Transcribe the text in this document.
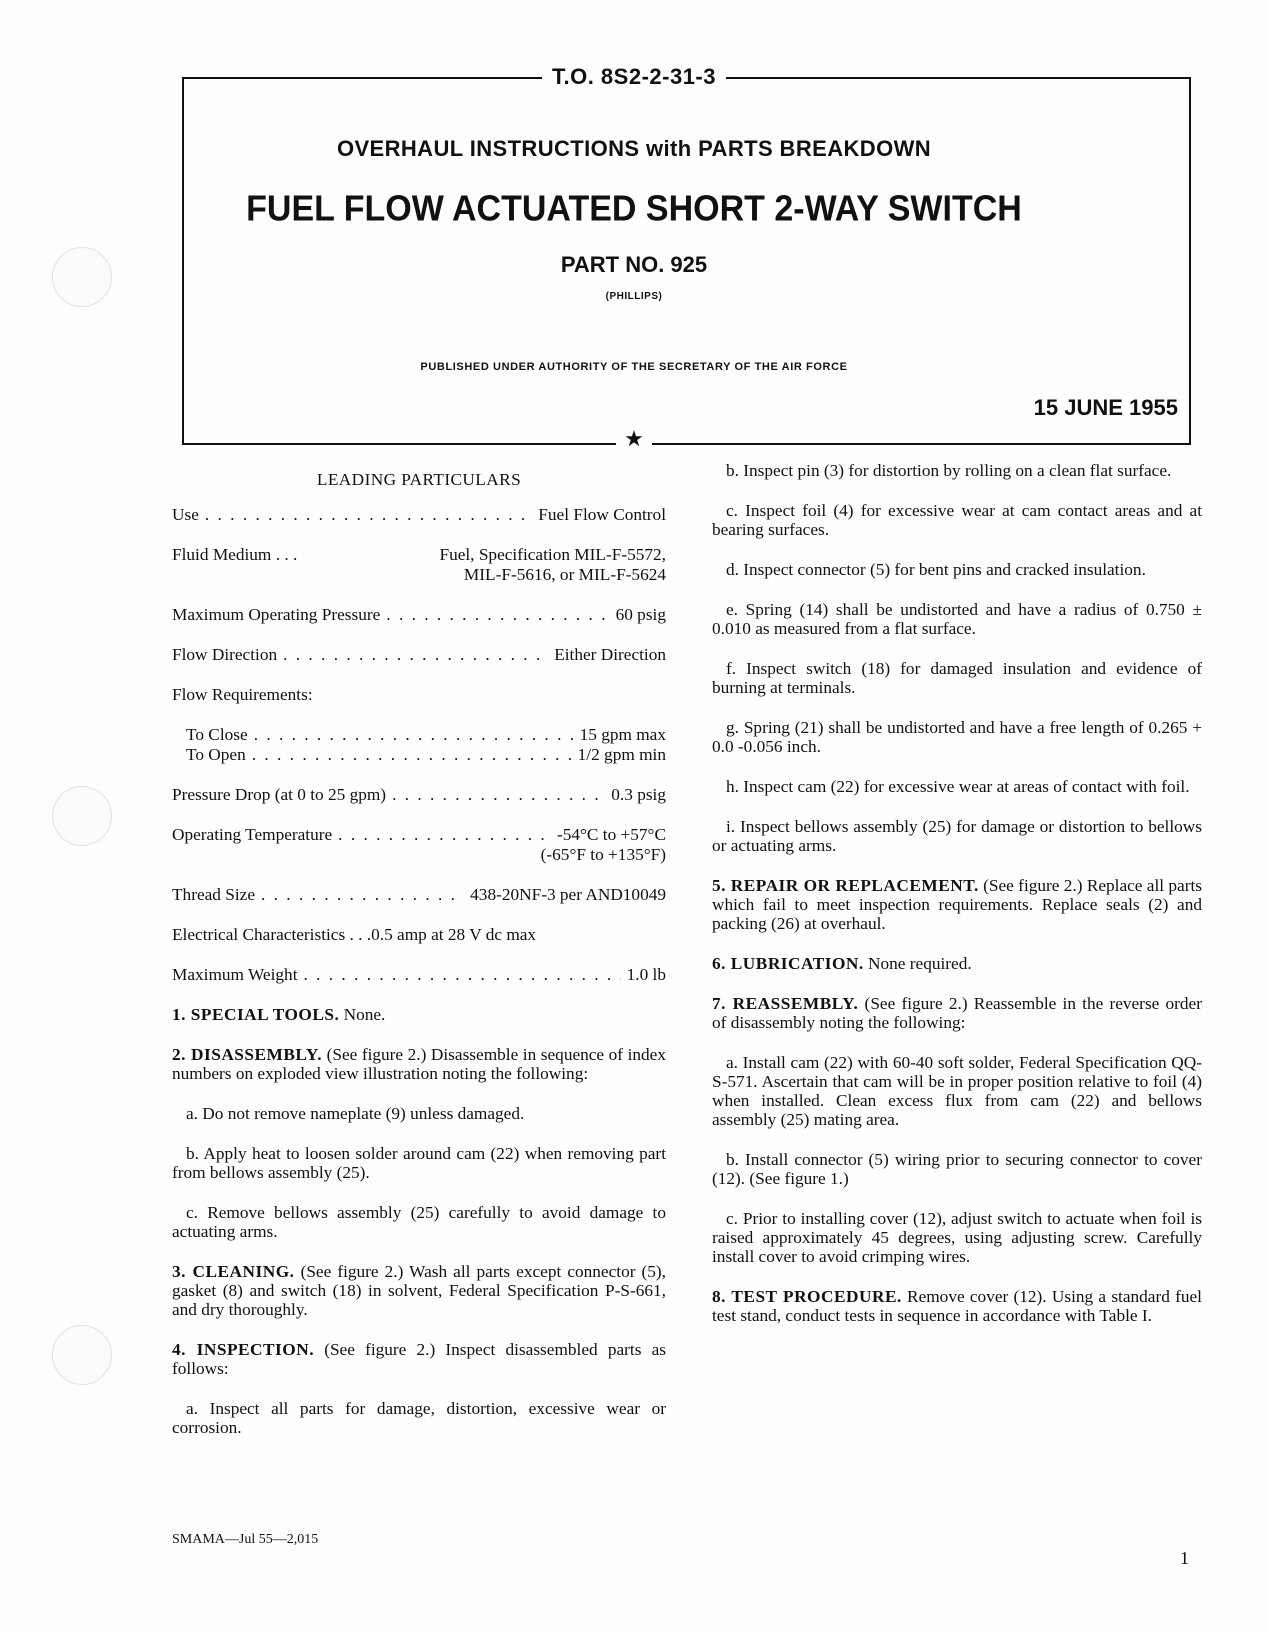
T.O. 8S2-2-31-3
OVERHAUL INSTRUCTIONS with PARTS BREAKDOWN
FUEL FLOW ACTUATED SHORT 2-WAY SWITCH
PART NO. 925
(PHILLIPS)
PUBLISHED UNDER AUTHORITY OF THE SECRETARY OF THE AIR FORCE
15 JUNE 1955
★
LEADING PARTICULARS
Use . . .	Fuel Flow Control
Fluid Medium . . .	Fuel, Specification MIL-F-5572,
MIL-F-5616, or MIL-F-5624
Maximum Operating Pressure . . .	60 psig
Flow Direction . . .	Either Direction
Flow Requirements:
To Close . . .	15 gpm max
To Open . . .	1/2 gpm min
Pressure Drop (at 0 to 25 gpm) . . .	0.3 psig
Operating Temperature . . .	-54°C to +57°C
(-65°F to +135°F)
Thread Size . . .	438-20NF-3 per AND10049
Electrical Characteristics . . . 0.5 amp at 28 V dc max
Maximum Weight . . .	1.0 lb

1. SPECIAL TOOLS. None.

2. DISASSEMBLY. (See figure 2.) Disassemble in sequence of index numbers on exploded view illustration noting the following:

a. Do not remove nameplate (9) unless damaged.

b. Apply heat to loosen solder around cam (22) when removing part from bellows assembly (25).

c. Remove bellows assembly (25) carefully to avoid damage to actuating arms.

3. CLEANING. (See figure 2.) Wash all parts except connector (5), gasket (8) and switch (18) in solvent, Federal Specification P-S-661, and dry thoroughly.

4. INSPECTION. (See figure 2.) Inspect disassembled parts as follows:

a. Inspect all parts for damage, distortion, excessive wear or corrosion.

b. Inspect pin (3) for distortion by rolling on a clean flat surface.

c. Inspect foil (4) for excessive wear at cam contact areas and at bearing surfaces.

d. Inspect connector (5) for bent pins and cracked insulation.

e. Spring (14) shall be undistorted and have a radius of 0.750 ± 0.010 as measured from a flat surface.

f. Inspect switch (18) for damaged insulation and evidence of burning at terminals.

g. Spring (21) shall be undistorted and have a free length of 0.265 + 0.0 -0.056 inch.

h. Inspect cam (22) for excessive wear at areas of contact with foil.

i. Inspect bellows assembly (25) for damage or distortion to bellows or actuating arms.

5. REPAIR OR REPLACEMENT. (See figure 2.) Replace all parts which fail to meet inspection requirements. Replace seals (2) and packing (26) at overhaul.

6. LUBRICATION. None required.

7. REASSEMBLY. (See figure 2.) Reassemble in the reverse order of disassembly noting the following:

a. Install cam (22) with 60-40 soft solder, Federal Specification QQ-S-571. Ascertain that cam will be in proper position relative to foil (4) when installed. Clean excess flux from cam (22) and bellows assembly (25) mating area.

b. Install connector (5) wiring prior to securing connector to cover (12). (See figure 1.)

c. Prior to installing cover (12), adjust switch to actuate when foil is raised approximately 45 degrees, using adjusting screw. Carefully install cover to avoid crimping wires.

8. TEST PROCEDURE. Remove cover (12). Using a standard fuel test stand, conduct tests in sequence in accordance with Table I.

SMAMA—Jul 55—2,015
1
